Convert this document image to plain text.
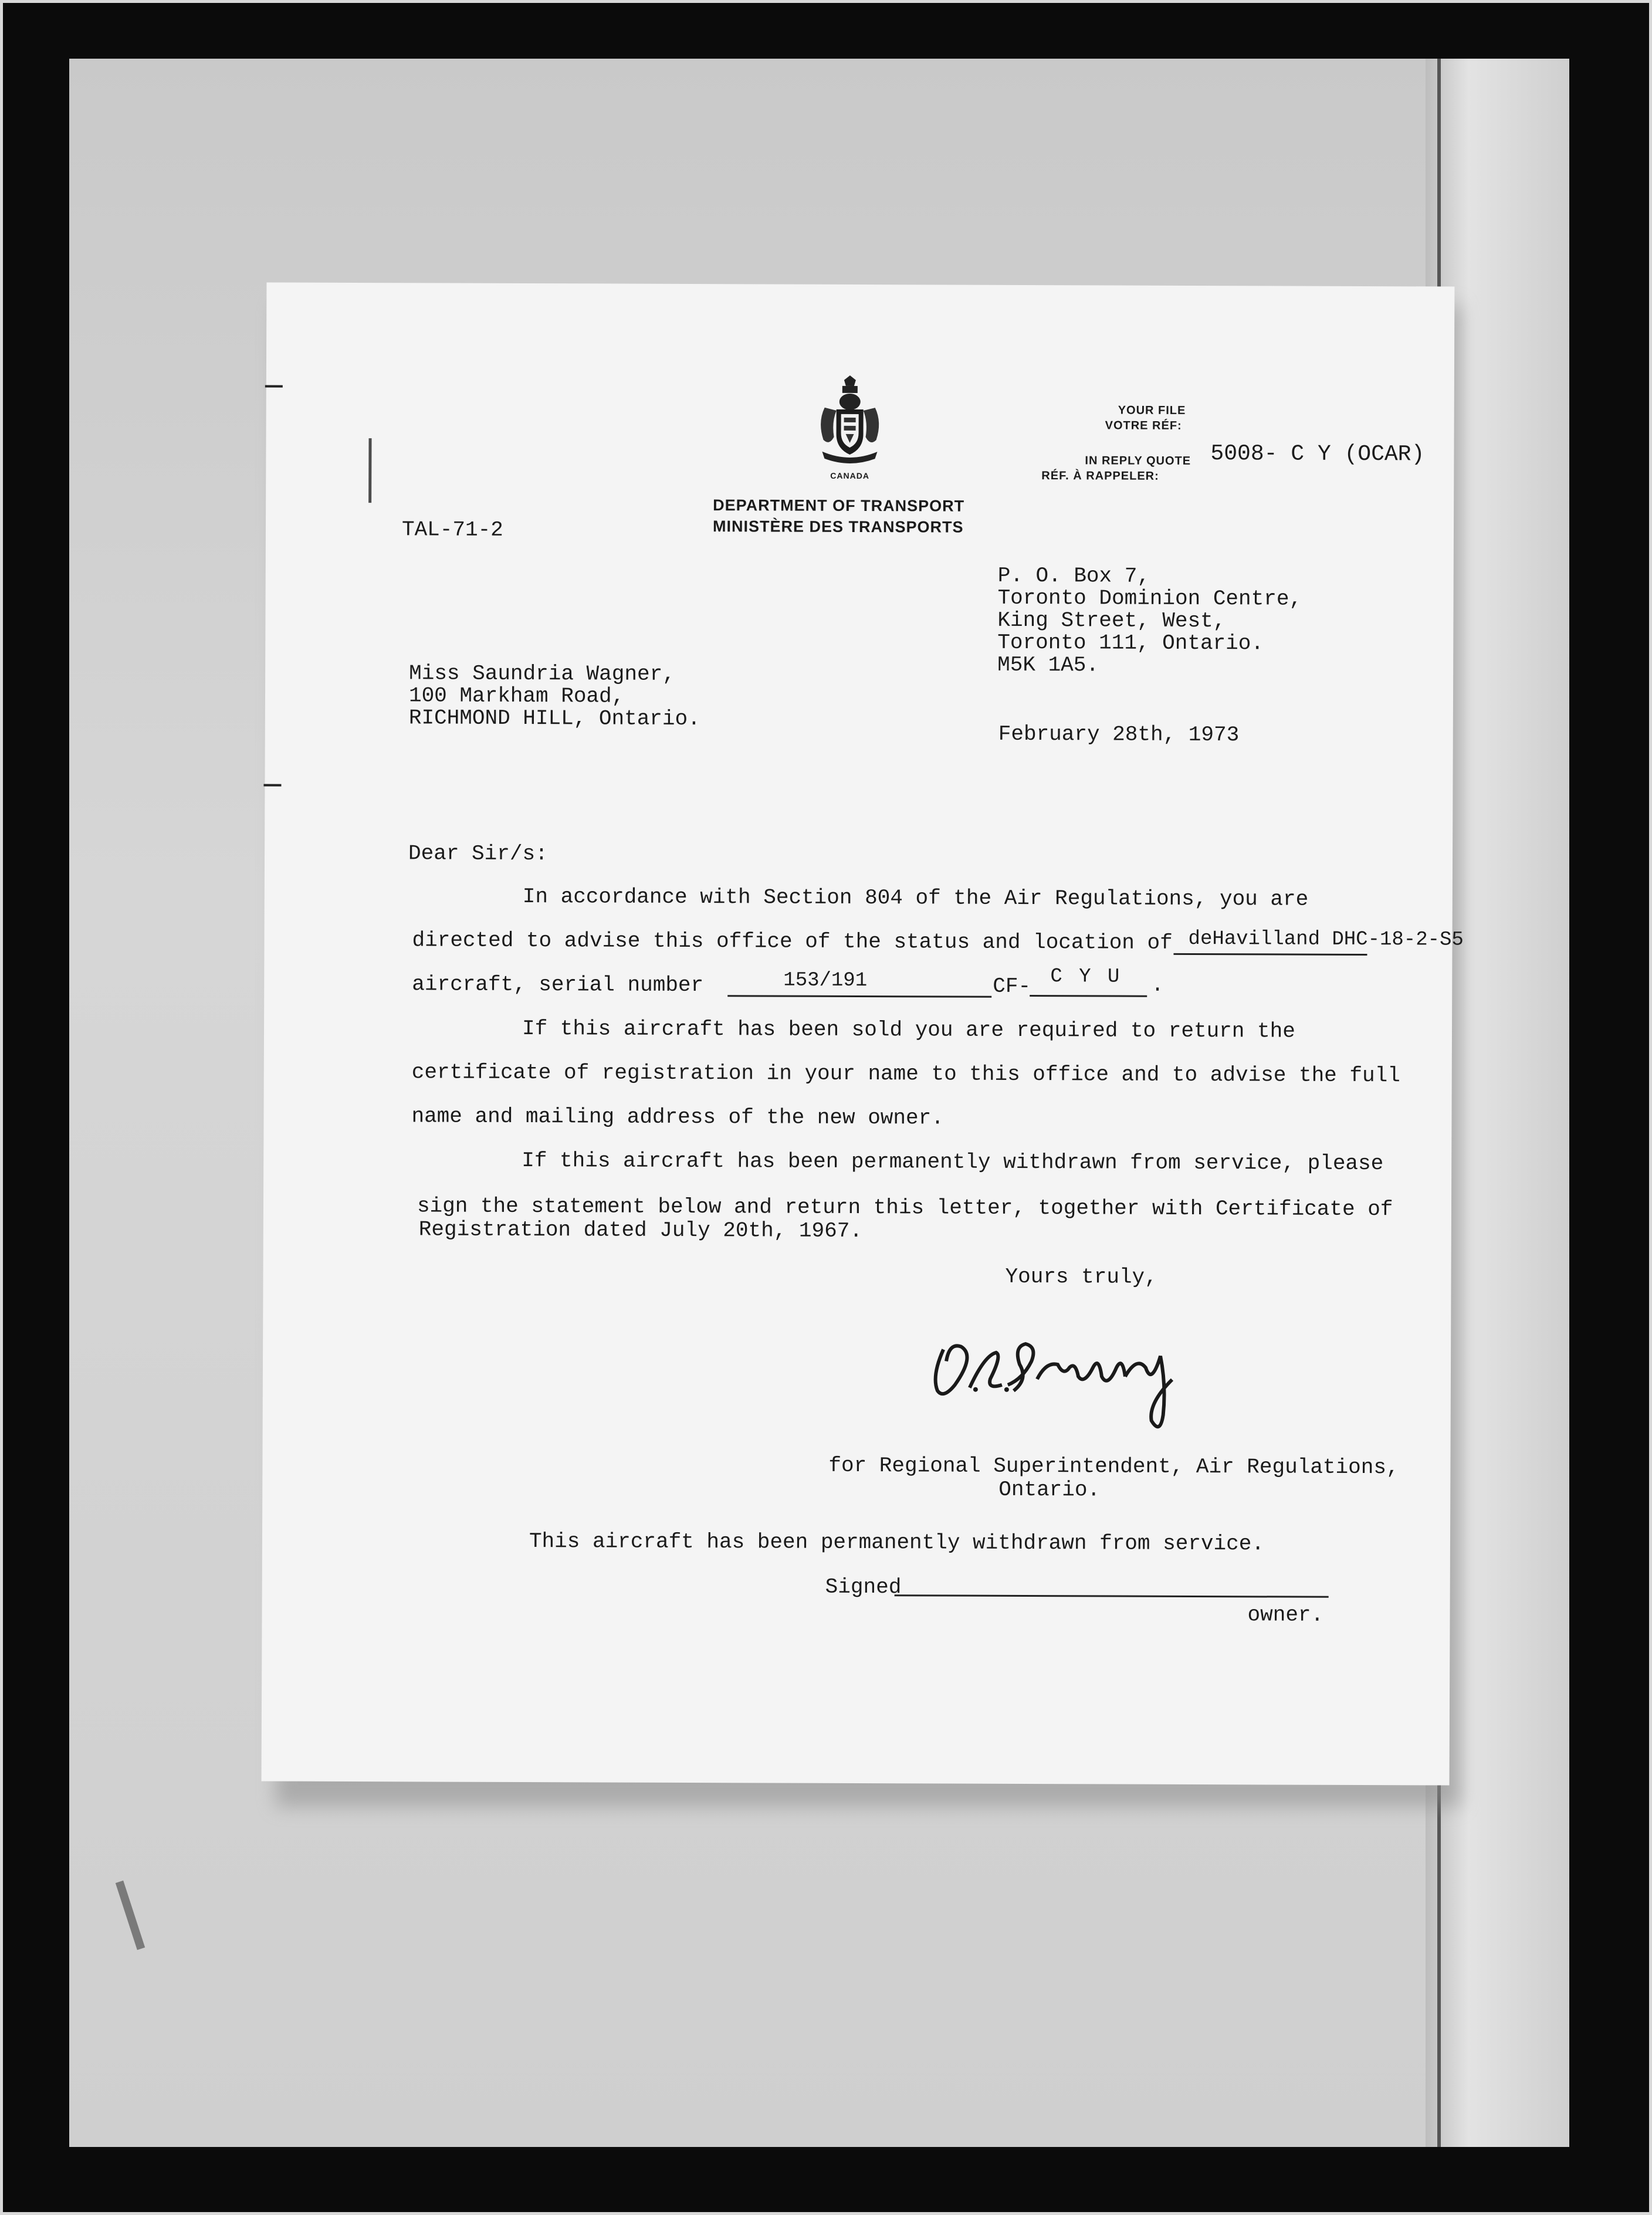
CANADA
DEPARTMENT OF TRANSPORT
MINISTÈRE DES TRANSPORTS
YOUR FILE
VOTRE RÉF:
IN REPLY QUOTE
RÉF. À RAPPELER:
5008- C Y (OCAR)
TAL-71-2
P. O. Box 7,
Toronto Dominion Centre,
King Street, West,
Toronto 111, Ontario.
M5K 1A5.
Miss Saundria Wagner,
100 Markham Road,
RICHMOND HILL, Ontario.
February 28th, 1973
Dear Sir/s:
In accordance with Section 804 of the Air Regulations, you are
directed to advise this office of the status and location of deHavilland DHC-18-2-S5
aircraft, serial number	153/191	CF- C Y U .
If this aircraft has been sold you are required to return the
certificate of registration in your name to this office and to advise the full
name and mailing address of the new owner.
If this aircraft has been permanently withdrawn from service, please
sign the statement below and return this letter, together with Certificate of
Registration dated July 20th, 1967.
Yours truly,
for Regional Superintendent, Air Regulations,
Ontario.
This aircraft has been permanently withdrawn from service.
Signed
owner.
